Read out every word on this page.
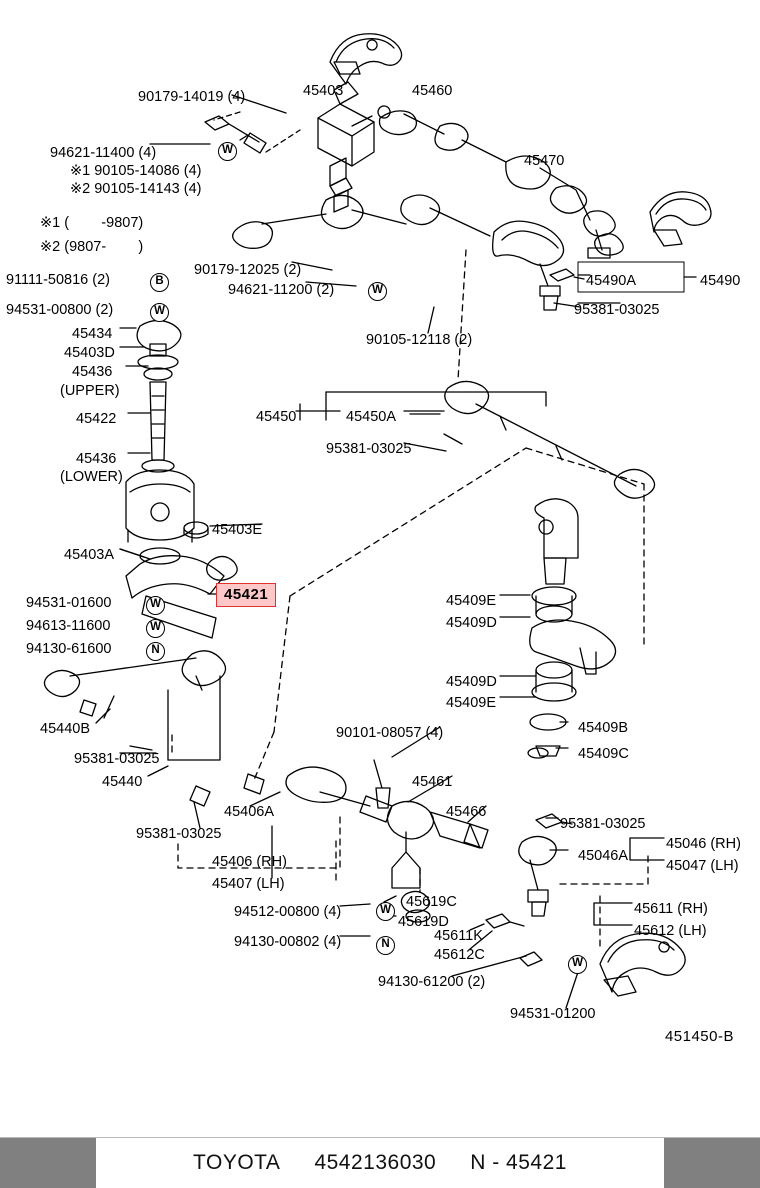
90179-14019 (4)	45403	45460
94621-11400 (4)
※1 90105-14086 (4)
※2 90105-14143 (4)
45470
※1 (        -9807)
※2 (9807-        )
90179-12025 (2)
94621-11200 (2)
45490A	45490
95381-03025
91111-50816 (2)
94531-00800 (2)
90105-12118 (2)
45434
45403D
45436
(UPPER)
45422
45436
(LOWER)
45450	45450A
95381-03025
45403E
45403A
94531-01600
94613-11600
94130-61600
45409E
45409D
45409D
45409E
45409B
45409C
45440B
95381-03025
45440
90101-08057 (4)
45461
45466
95381-03025
45046 (RH)
45047 (LH)
45046A
45406A
95381-03025
45406 (RH)
45407 (LH)
45611 (RH)
45612 (LH)
94512-00800 (4)
45619C
45619D
45611K
45612C
94130-00802 (4)
94130-61200 (2)
94531-01200
B
W
W
W
N
W
W
W
N
W
45421
451450-B
TOYOTA 4542136030 N - 45421
